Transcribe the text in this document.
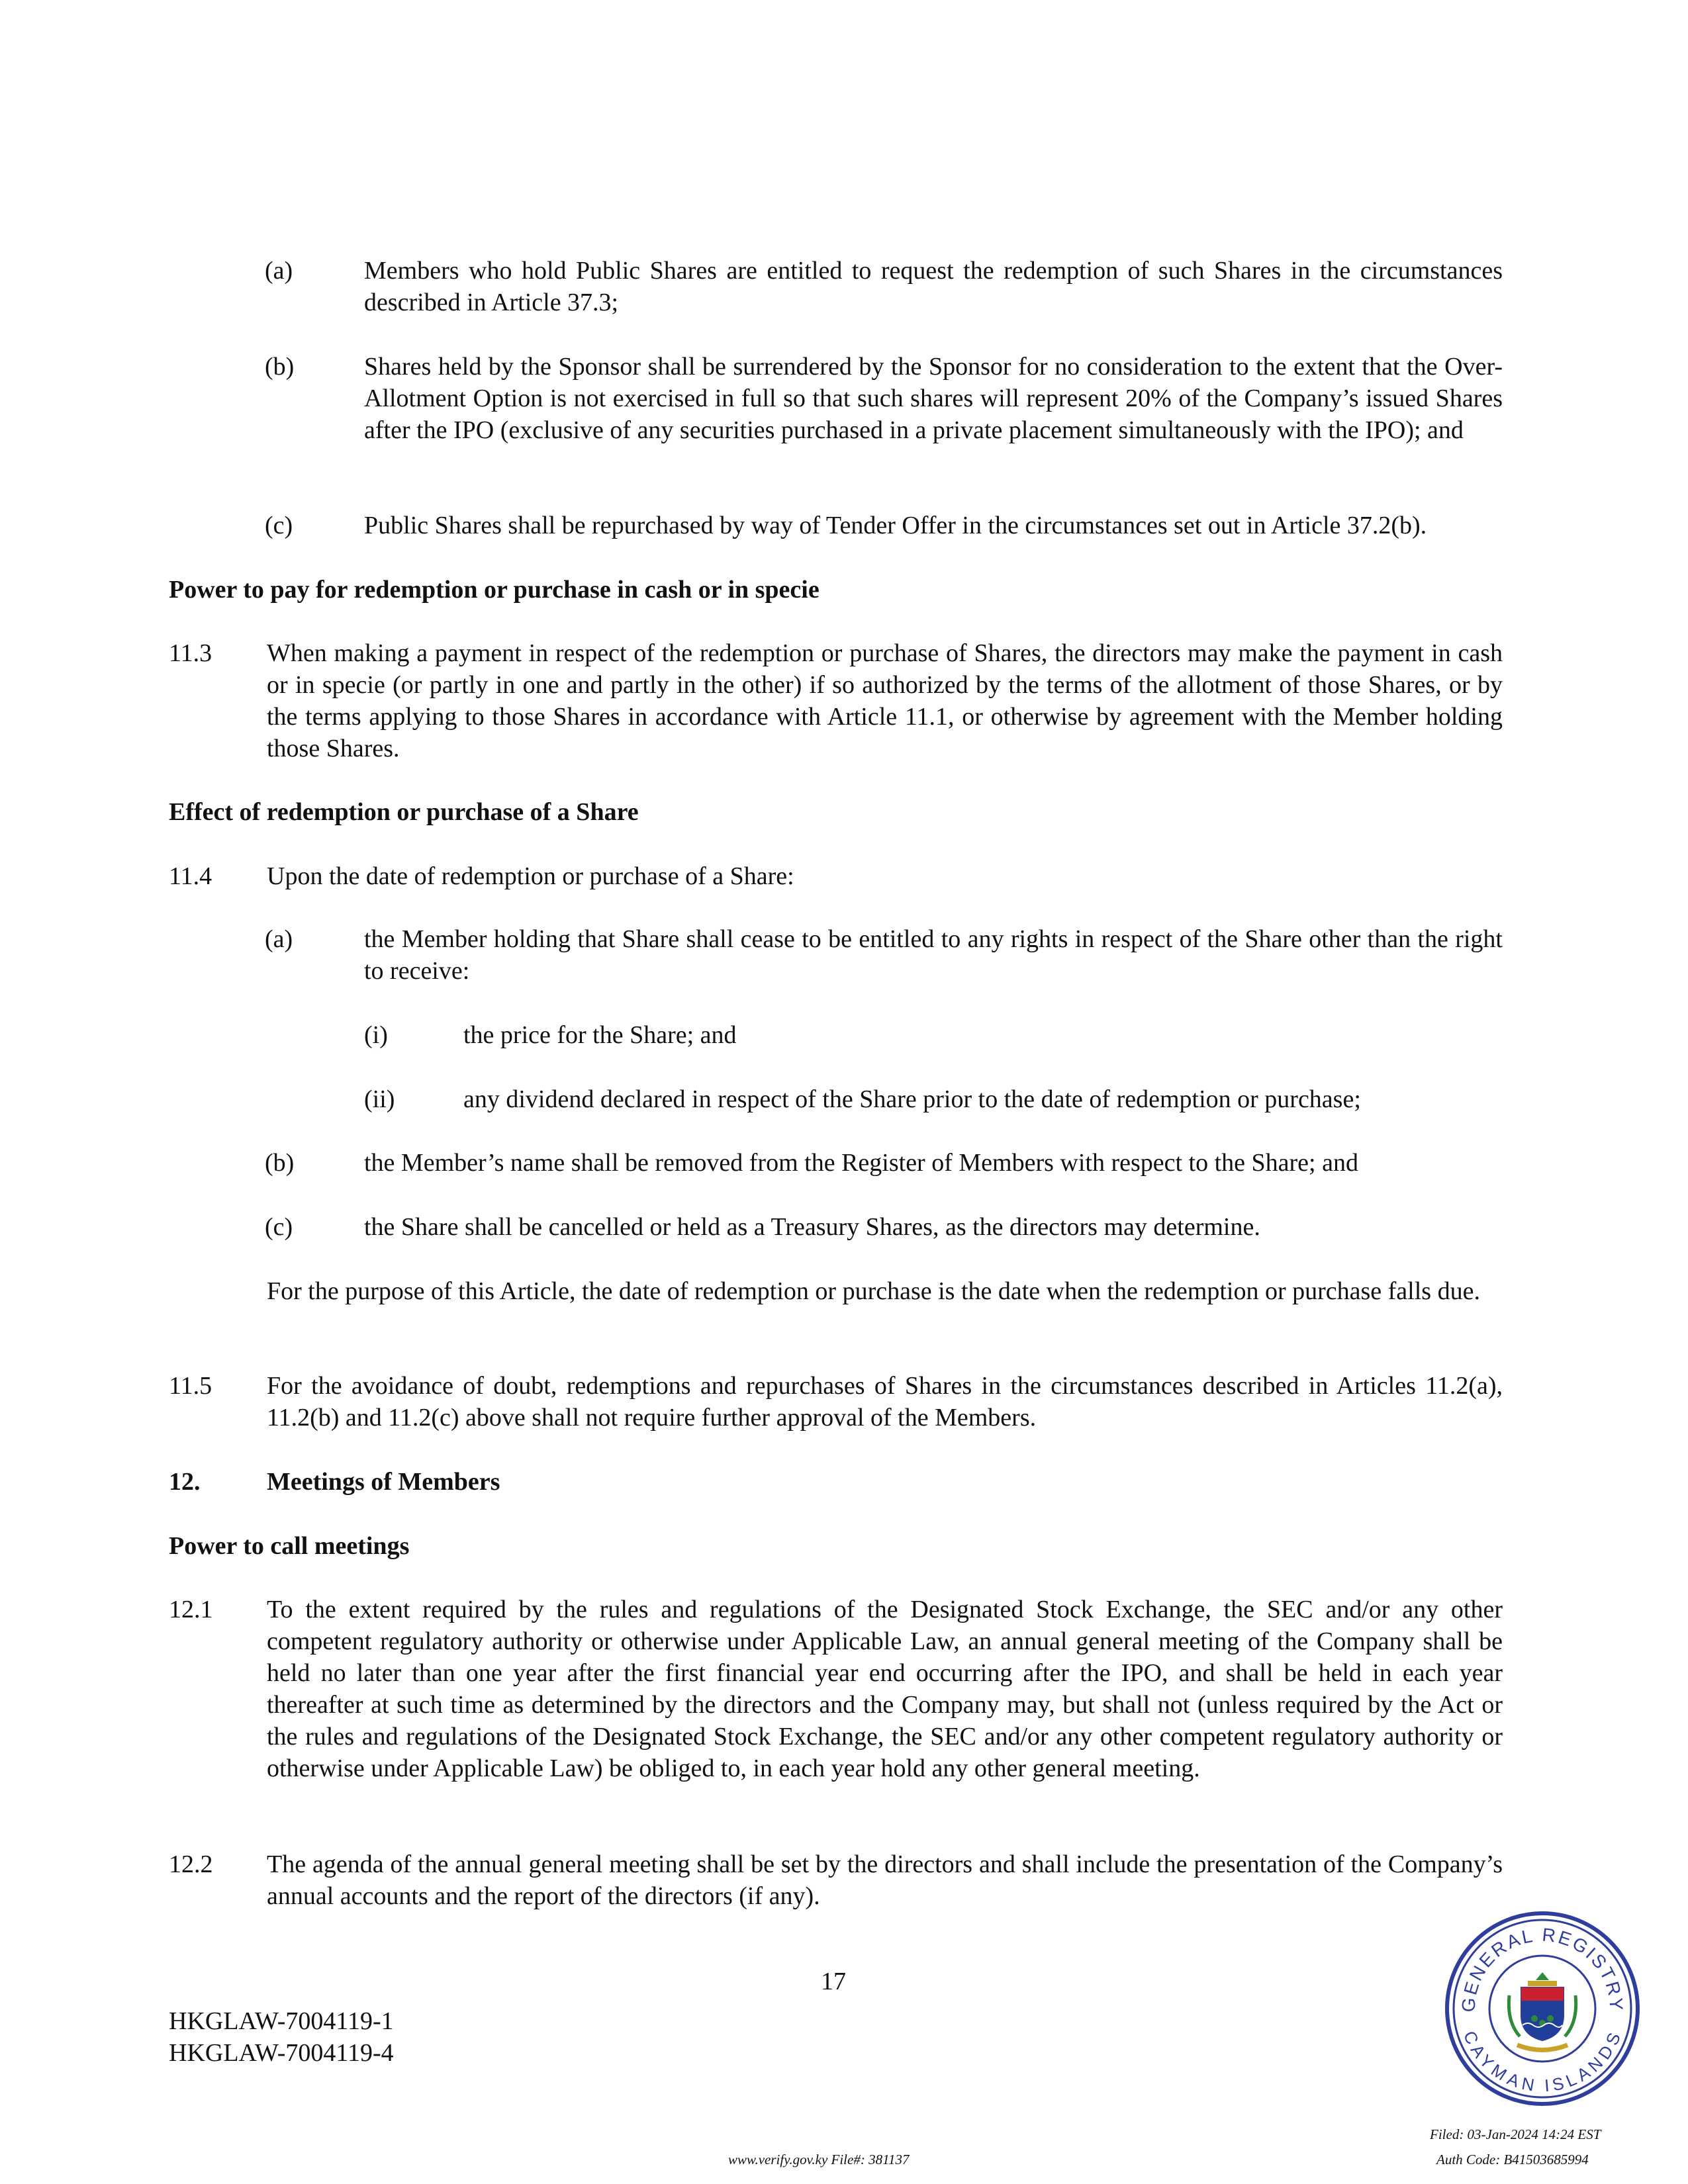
(a)	Members who hold Public Shares are entitled to request the redemption of such Shares in the circumstances described in Article 37.3;
(b)	Shares held by the Sponsor shall be surrendered by the Sponsor for no consideration to the extent that the Over-Allotment Option is not exercised in full so that such shares will represent 20% of the Company’s issued Shares after the IPO (exclusive of any securities purchased in a private placement simultaneously with the IPO); and
(c)	Public Shares shall be repurchased by way of Tender Offer in the circumstances set out in Article 37.2(b).
Power to pay for redemption or purchase in cash or in specie
11.3 When making a payment in respect of the redemption or purchase of Shares, the directors may make the payment in cash or in specie (or partly in one and partly in the other) if so authorized by the terms of the allotment of those Shares, or by the terms applying to those Shares in accordance with Article 11.1, or otherwise by agreement with the Member holding those Shares.
Effect of redemption or purchase of a Share
11.4 Upon the date of redemption or purchase of a Share:
(a)	the Member holding that Share shall cease to be entitled to any rights in respect of the Share other than the right to receive:
(i)	the price for the Share; and
(ii)	any dividend declared in respect of the Share prior to the date of redemption or purchase;
(b)	the Member’s name shall be removed from the Register of Members with respect to the Share; and
(c)	the Share shall be cancelled or held as a Treasury Shares, as the directors may determine.
For the purpose of this Article, the date of redemption or purchase is the date when the redemption or purchase falls due.
11.5 For the avoidance of doubt, redemptions and repurchases of Shares in the circumstances described in Articles 11.2(a), 11.2(b) and 11.2(c) above shall not require further approval of the Members.
12.	Meetings of Members
Power to call meetings
12.1 To the extent required by the rules and regulations of the Designated Stock Exchange, the SEC and/or any other competent regulatory authority or otherwise under Applicable Law, an annual general meeting of the Company shall be held no later than one year after the first financial year end occurring after the IPO, and shall be held in each year thereafter at such time as determined by the directors and the Company may, but shall not (unless required by the Act or the rules and regulations of the Designated Stock Exchange, the SEC and/or any other competent regulatory authority or otherwise under Applicable Law) be obliged to, in each year hold any other general meeting.
12.2 The agenda of the annual general meeting shall be set by the directors and shall include the presentation of the Company’s annual accounts and the report of the directors (if any).
17
HKGLAW-7004119-1
HKGLAW-7004119-4
www.verify.gov.ky File#: 381137
Filed: 03-Jan-2024 14:24 EST
Auth Code: B41503685994
GENERAL REGISTRY
CAYMAN ISLANDS
